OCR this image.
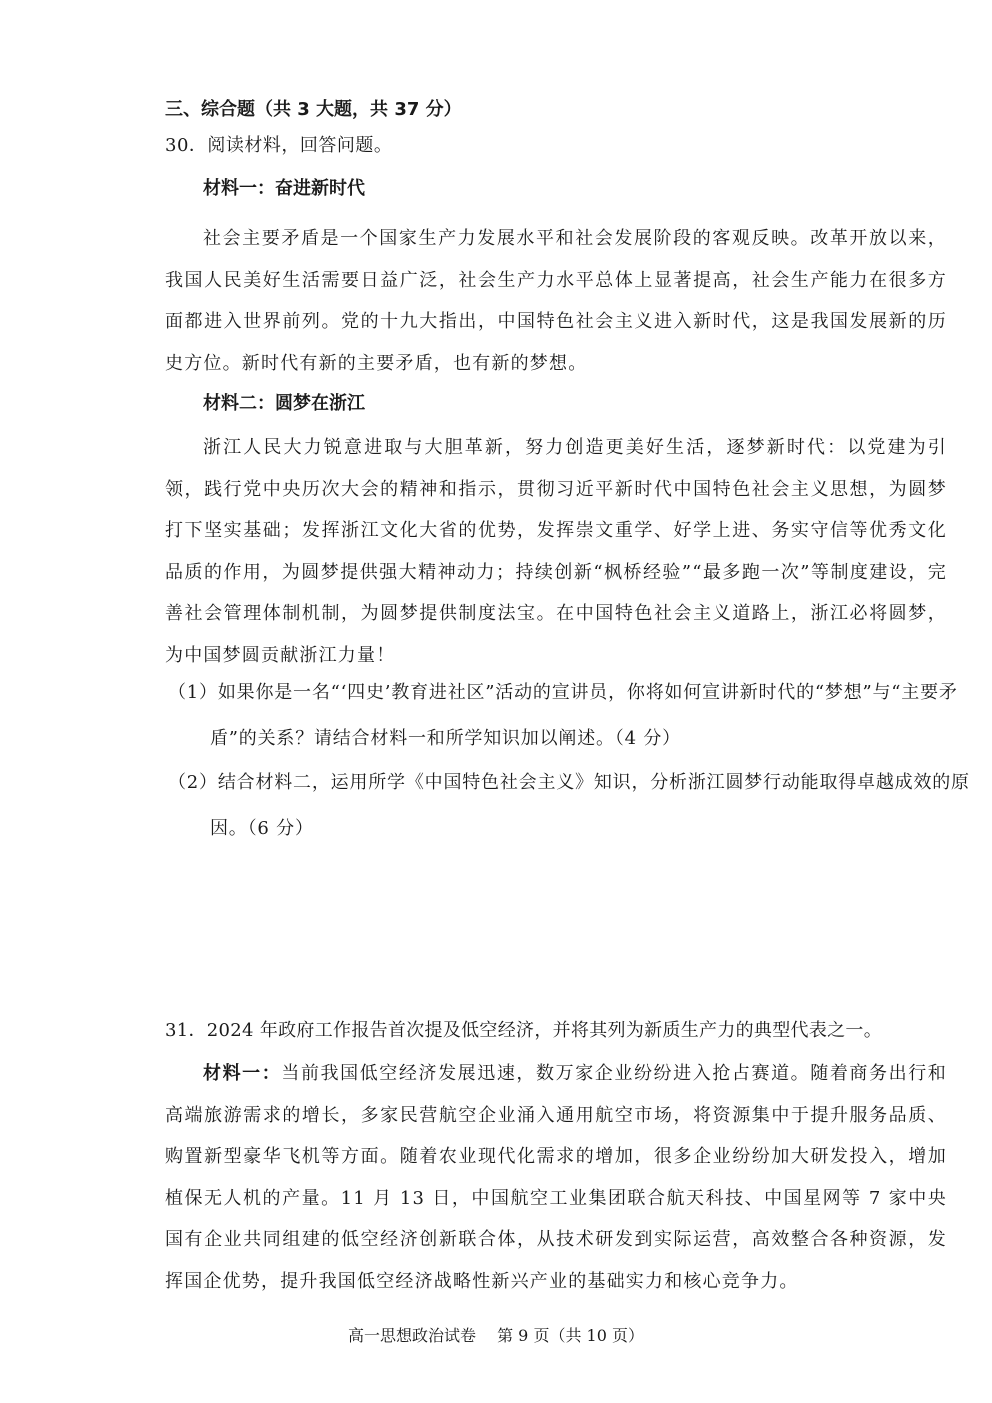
三、综合题（共 3 大题，共 37 分）
30．阅读材料，回答问题。
材料一：奋进新时代
社会主要矛盾是一个国家生产力发展水平和社会发展阶段的客观反映。改革开放以来，我国人民美好生活需要日益广泛，社会生产力水平总体上显著提高，社会生产能力在很多方面都进入世界前列。党的十九大指出，中国特色社会主义进入新时代，这是我国发展新的历史方位。新时代有新的主要矛盾，也有新的梦想。
材料二：圆梦在浙江
浙江人民大力锐意进取与大胆革新，努力创造更美好生活，逐梦新时代：以党建为引领，践行党中央历次大会的精神和指示，贯彻习近平新时代中国特色社会主义思想，为圆梦打下坚实基础；发挥浙江文化大省的优势，发挥崇文重学、好学上进、务实守信等优秀文化品质的作用，为圆梦提供强大精神动力；持续创新“枫桥经验”“最多跑一次”等制度建设，完善社会管理体制机制，为圆梦提供制度法宝。在中国特色社会主义道路上，浙江必将圆梦，为中国梦圆贡献浙江力量！
（1）如果你是一名“‘四史’教育进社区”活动的宣讲员，你将如何宣讲新时代的“梦想”与“主要矛盾”的关系？请结合材料一和所学知识加以阐述。（4 分）
（2）结合材料二，运用所学《中国特色社会主义》知识，分析浙江圆梦行动能取得卓越成效的原因。（6 分）
31．2024 年政府工作报告首次提及低空经济，并将其列为新质生产力的典型代表之一。
材料一：当前我国低空经济发展迅速，数万家企业纷纷进入抢占赛道。随着商务出行和高端旅游需求的增长，多家民营航空企业涌入通用航空市场，将资源集中于提升服务品质、购置新型豪华飞机等方面。随着农业现代化需求的增加，很多企业纷纷加大研发投入，增加植保无人机的产量。11 月 13 日，中国航空工业集团联合航天科技、中国星网等 7 家中央国有企业共同组建的低空经济创新联合体，从技术研发到实际运营，高效整合各种资源，发挥国企优势，提升我国低空经济战略性新兴产业的基础实力和核心竞争力。
高一思想政治试卷　 第 9 页（共 10 页）
